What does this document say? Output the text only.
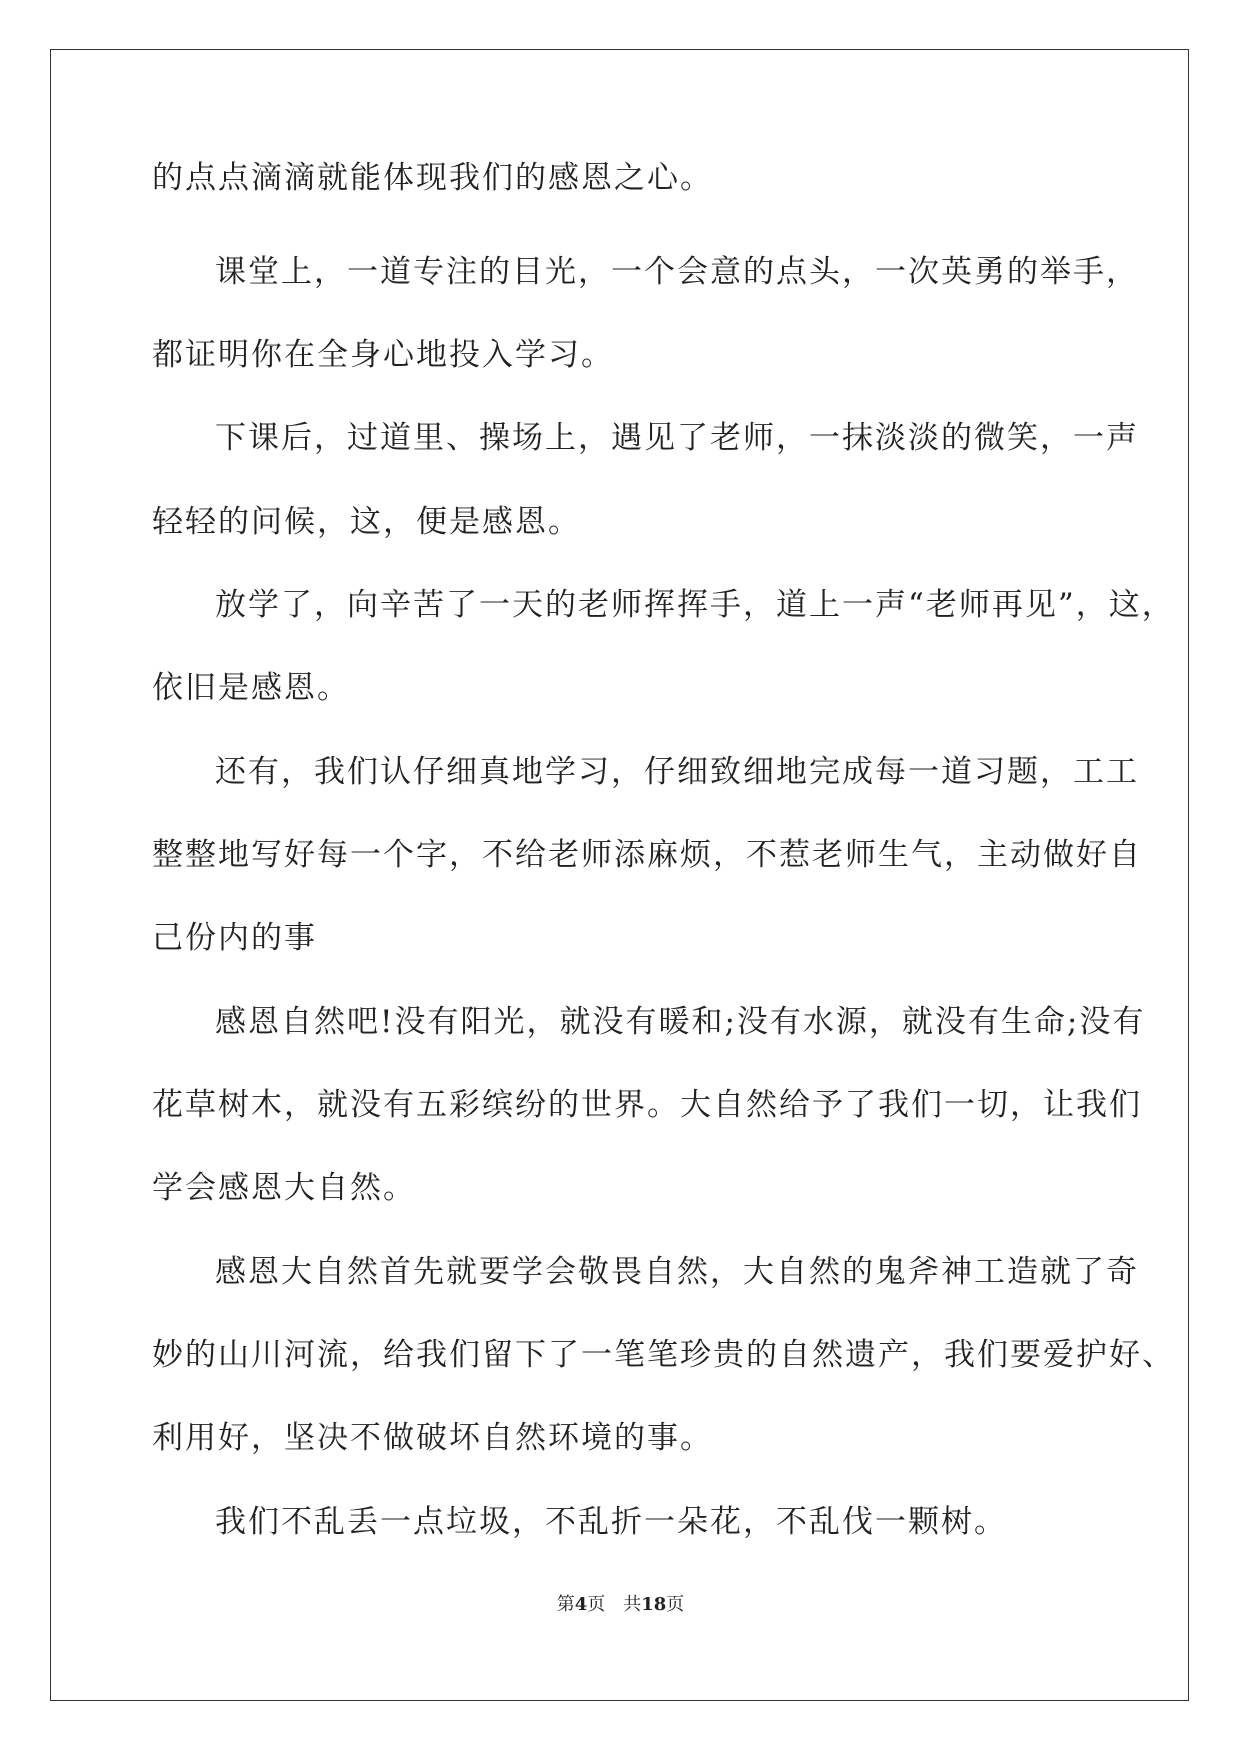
的点点滴滴就能体现我们的感恩之心。
课堂上，一道专注的目光，一个会意的点头，一次英勇的举手，
都证明你在全身心地投入学习。
下课后，过道里、操场上，遇见了老师，一抹淡淡的微笑，一声
轻轻的问候，这，便是感恩。
放学了，向辛苦了一天的老师挥挥手，道上一声“老师再见”，这，
依旧是感恩。
还有，我们认仔细真地学习，仔细致细地完成每一道习题，工工
整整地写好每一个字，不给老师添麻烦，不惹老师生气，主动做好自
己份内的事
感恩自然吧!没有阳光，就没有暖和;没有水源，就没有生命;没有
花草树木，就没有五彩缤纷的世界。大自然给予了我们一切，让我们
学会感恩大自然。
感恩大自然首先就要学会敬畏自然，大自然的鬼斧神工造就了奇
妙的山川河流，给我们留下了一笔笔珍贵的自然遗产，我们要爱护好、
利用好，坚决不做破坏自然环境的事。
我们不乱丢一点垃圾，不乱折一朵花，不乱伐一颗树。
第4页 共18页
